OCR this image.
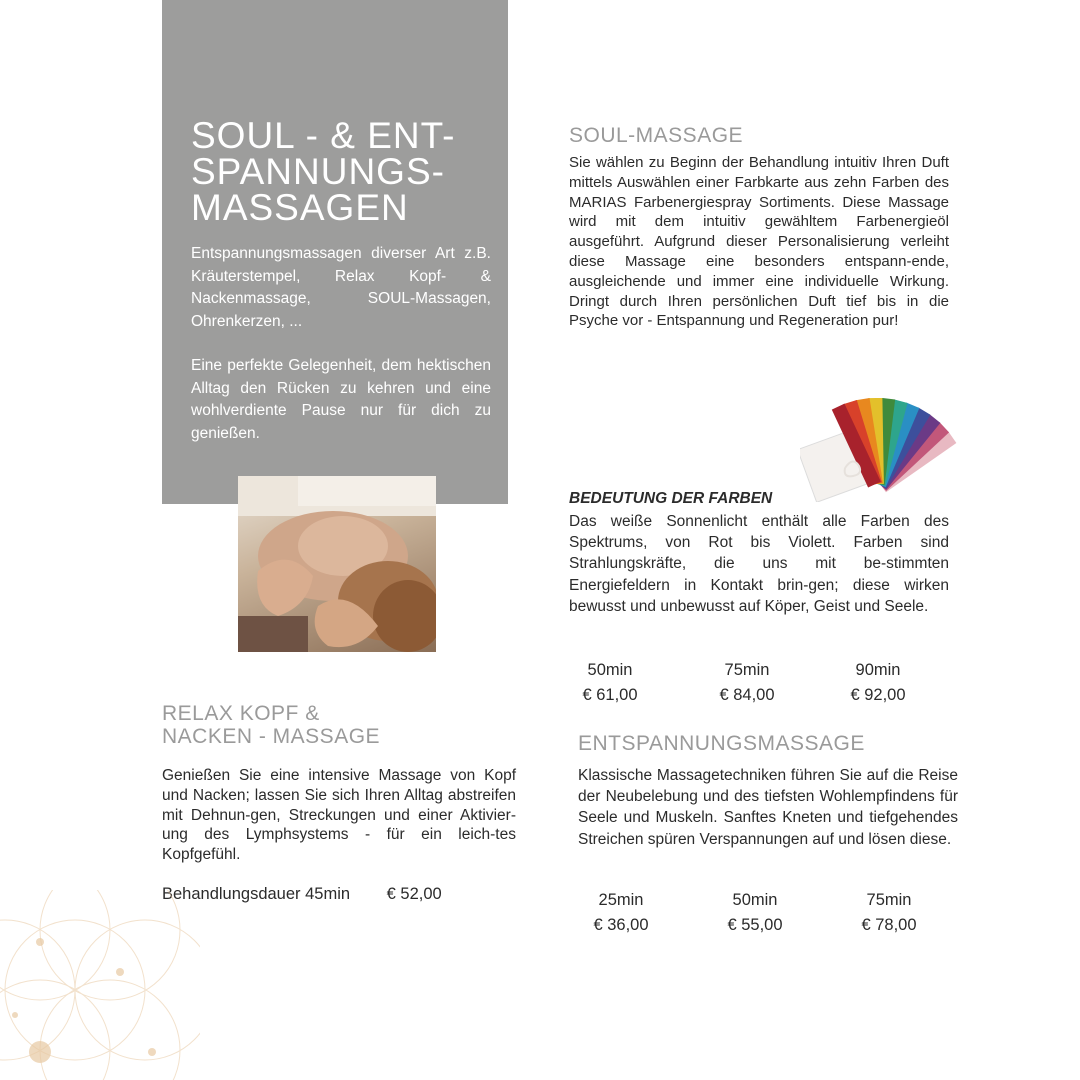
SOUL - & ENT-
SPANNUNGS-
MASSAGEN

Entspannungsmassagen diverser Art z.B. Kräuterstempel, Relax Kopf- & Nackenmassage, SOUL-Massagen, Ohrenkerzen, ...

Eine perfekte Gelegenheit, dem hektischen Alltag den Rücken zu kehren und eine wohlverdiente Pause nur für dich zu genießen.

SOUL-MASSAGE

Sie wählen zu Beginn der Behandlung intuitiv Ihren Duft mittels Auswählen einer Farbkarte aus zehn Farben des MARIAS Farbenergiespray Sortiments. Diese Massage wird mit dem intuitiv gewähltem Farbenergieöl ausgeführt. Aufgrund dieser Personalisierung verleiht diese Massage eine besonders entspann-ende, ausgleichende und immer eine individuelle Wirkung. Dringt durch Ihren persönlichen Duft tief bis in die Psyche vor - Entspannung und Regeneration pur!

BEDEUTUNG DER FARBEN

Das weiße Sonnenlicht enthält alle Farben des Spektrums, von Rot bis Violett. Farben sind Strahlungskräfte, die uns mit be-stimmten Energiefeldern in Kontakt brin-gen; diese wirken bewusst und unbewusst auf Köper, Geist und Seele.

50min
€ 61,00
75min
€ 84,00
90min
€ 92,00
RELAX KOPF &
NACKEN - MASSAGE

Genießen Sie eine intensive Massage von Kopf und Nacken; lassen Sie sich Ihren Alltag abstreifen mit Dehnun-gen, Streckungen und einer Aktivier-ung des Lymphsystems - für ein leich-tes Kopfgefühl.

Behandlungsdauer 45min € 52,00
ENTSPANNUNGSMASSAGE

Klassische Massagetechniken führen Sie auf die Reise der Neubelebung und des tiefsten Wohlempfindens für Seele und Muskeln. Sanftes Kneten und tiefgehendes Streichen spüren Verspannungen auf und lösen diese.

25min
€ 36,00
50min
€ 55,00
75min
€ 78,00
